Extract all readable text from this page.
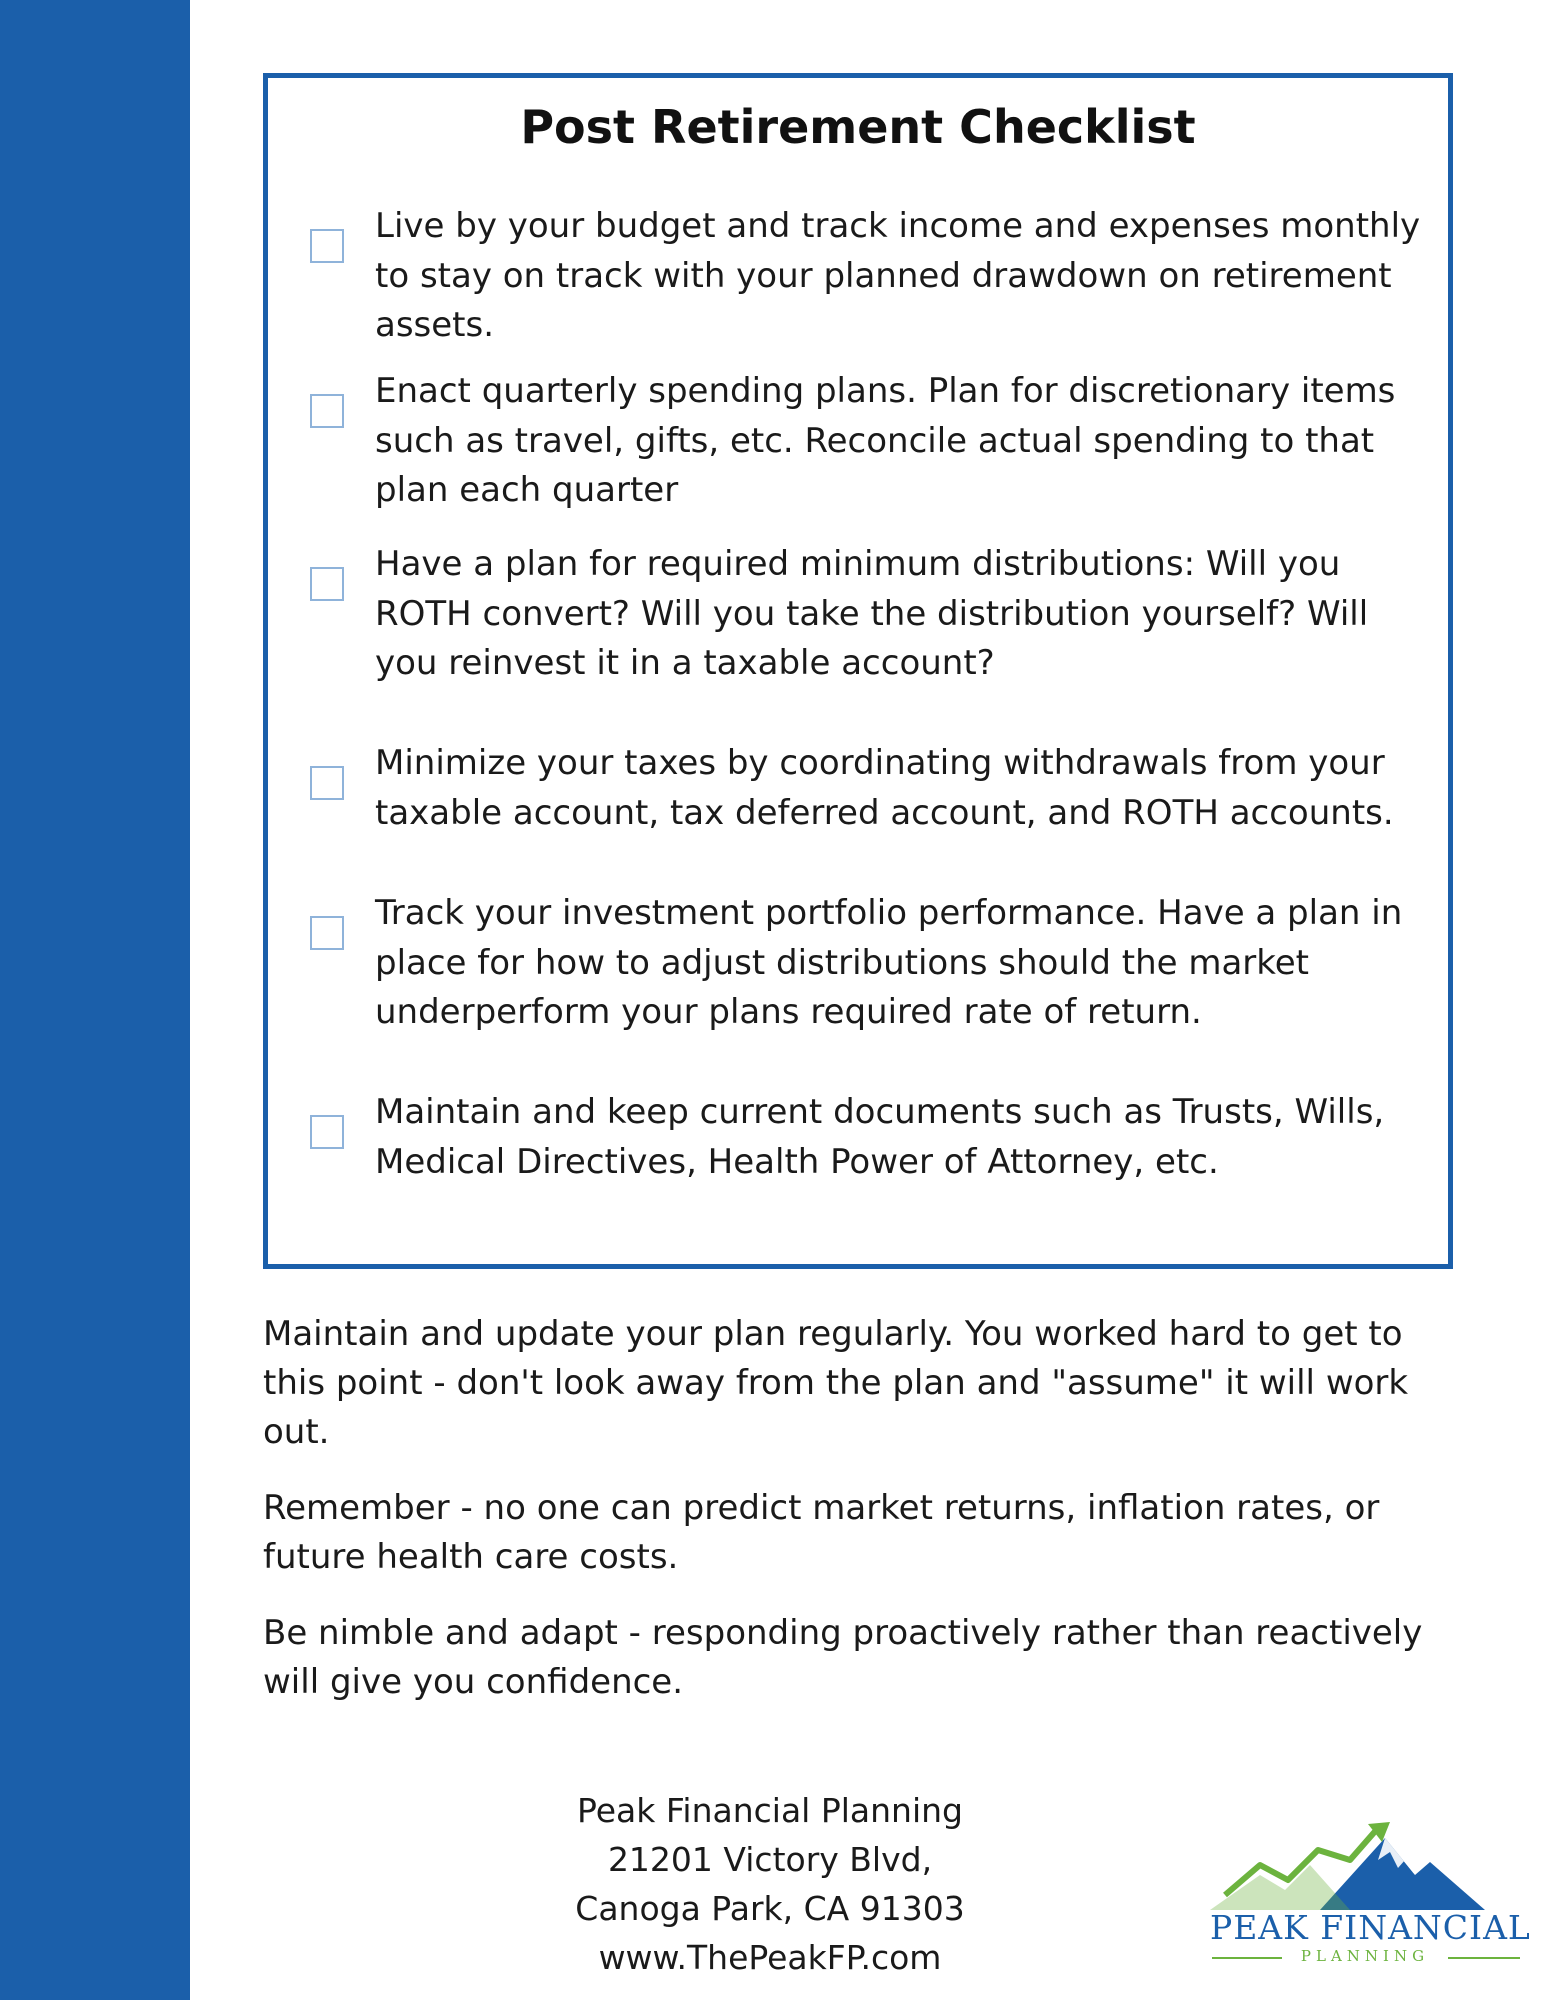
Post Retirement Checklist
Live by your budget and track income and expenses monthly to stay on track with your planned drawdown on retirement assets.
Enact quarterly spending plans. Plan for discretionary items such as travel, gifts, etc. Reconcile actual spending to that plan each quarter
Have a plan for required minimum distributions: Will you ROTH convert? Will you take the distribution yourself? Will you reinvest it in a taxable account?
Minimize your taxes by coordinating withdrawals from your taxable account, tax deferred account, and ROTH accounts.
Track your investment portfolio performance. Have a plan in place for how to adjust distributions should the market underperform your plans required rate of return.
Maintain and keep current documents such as Trusts, Wills, Medical Directives, Health Power of Attorney, etc.
Maintain and update your plan regularly. You worked hard to get to this point - don't look away from the plan and "assume" it will work out.
Remember - no one can predict market returns, inflation rates, or future health care costs.
Be nimble and adapt - responding proactively rather than reactively will give you confidence.
Peak Financial Planning
21201 Victory Blvd,
Canoga Park, CA 91303
www.ThePeakFP.com
PEAK FINANCIAL
PLANNING
